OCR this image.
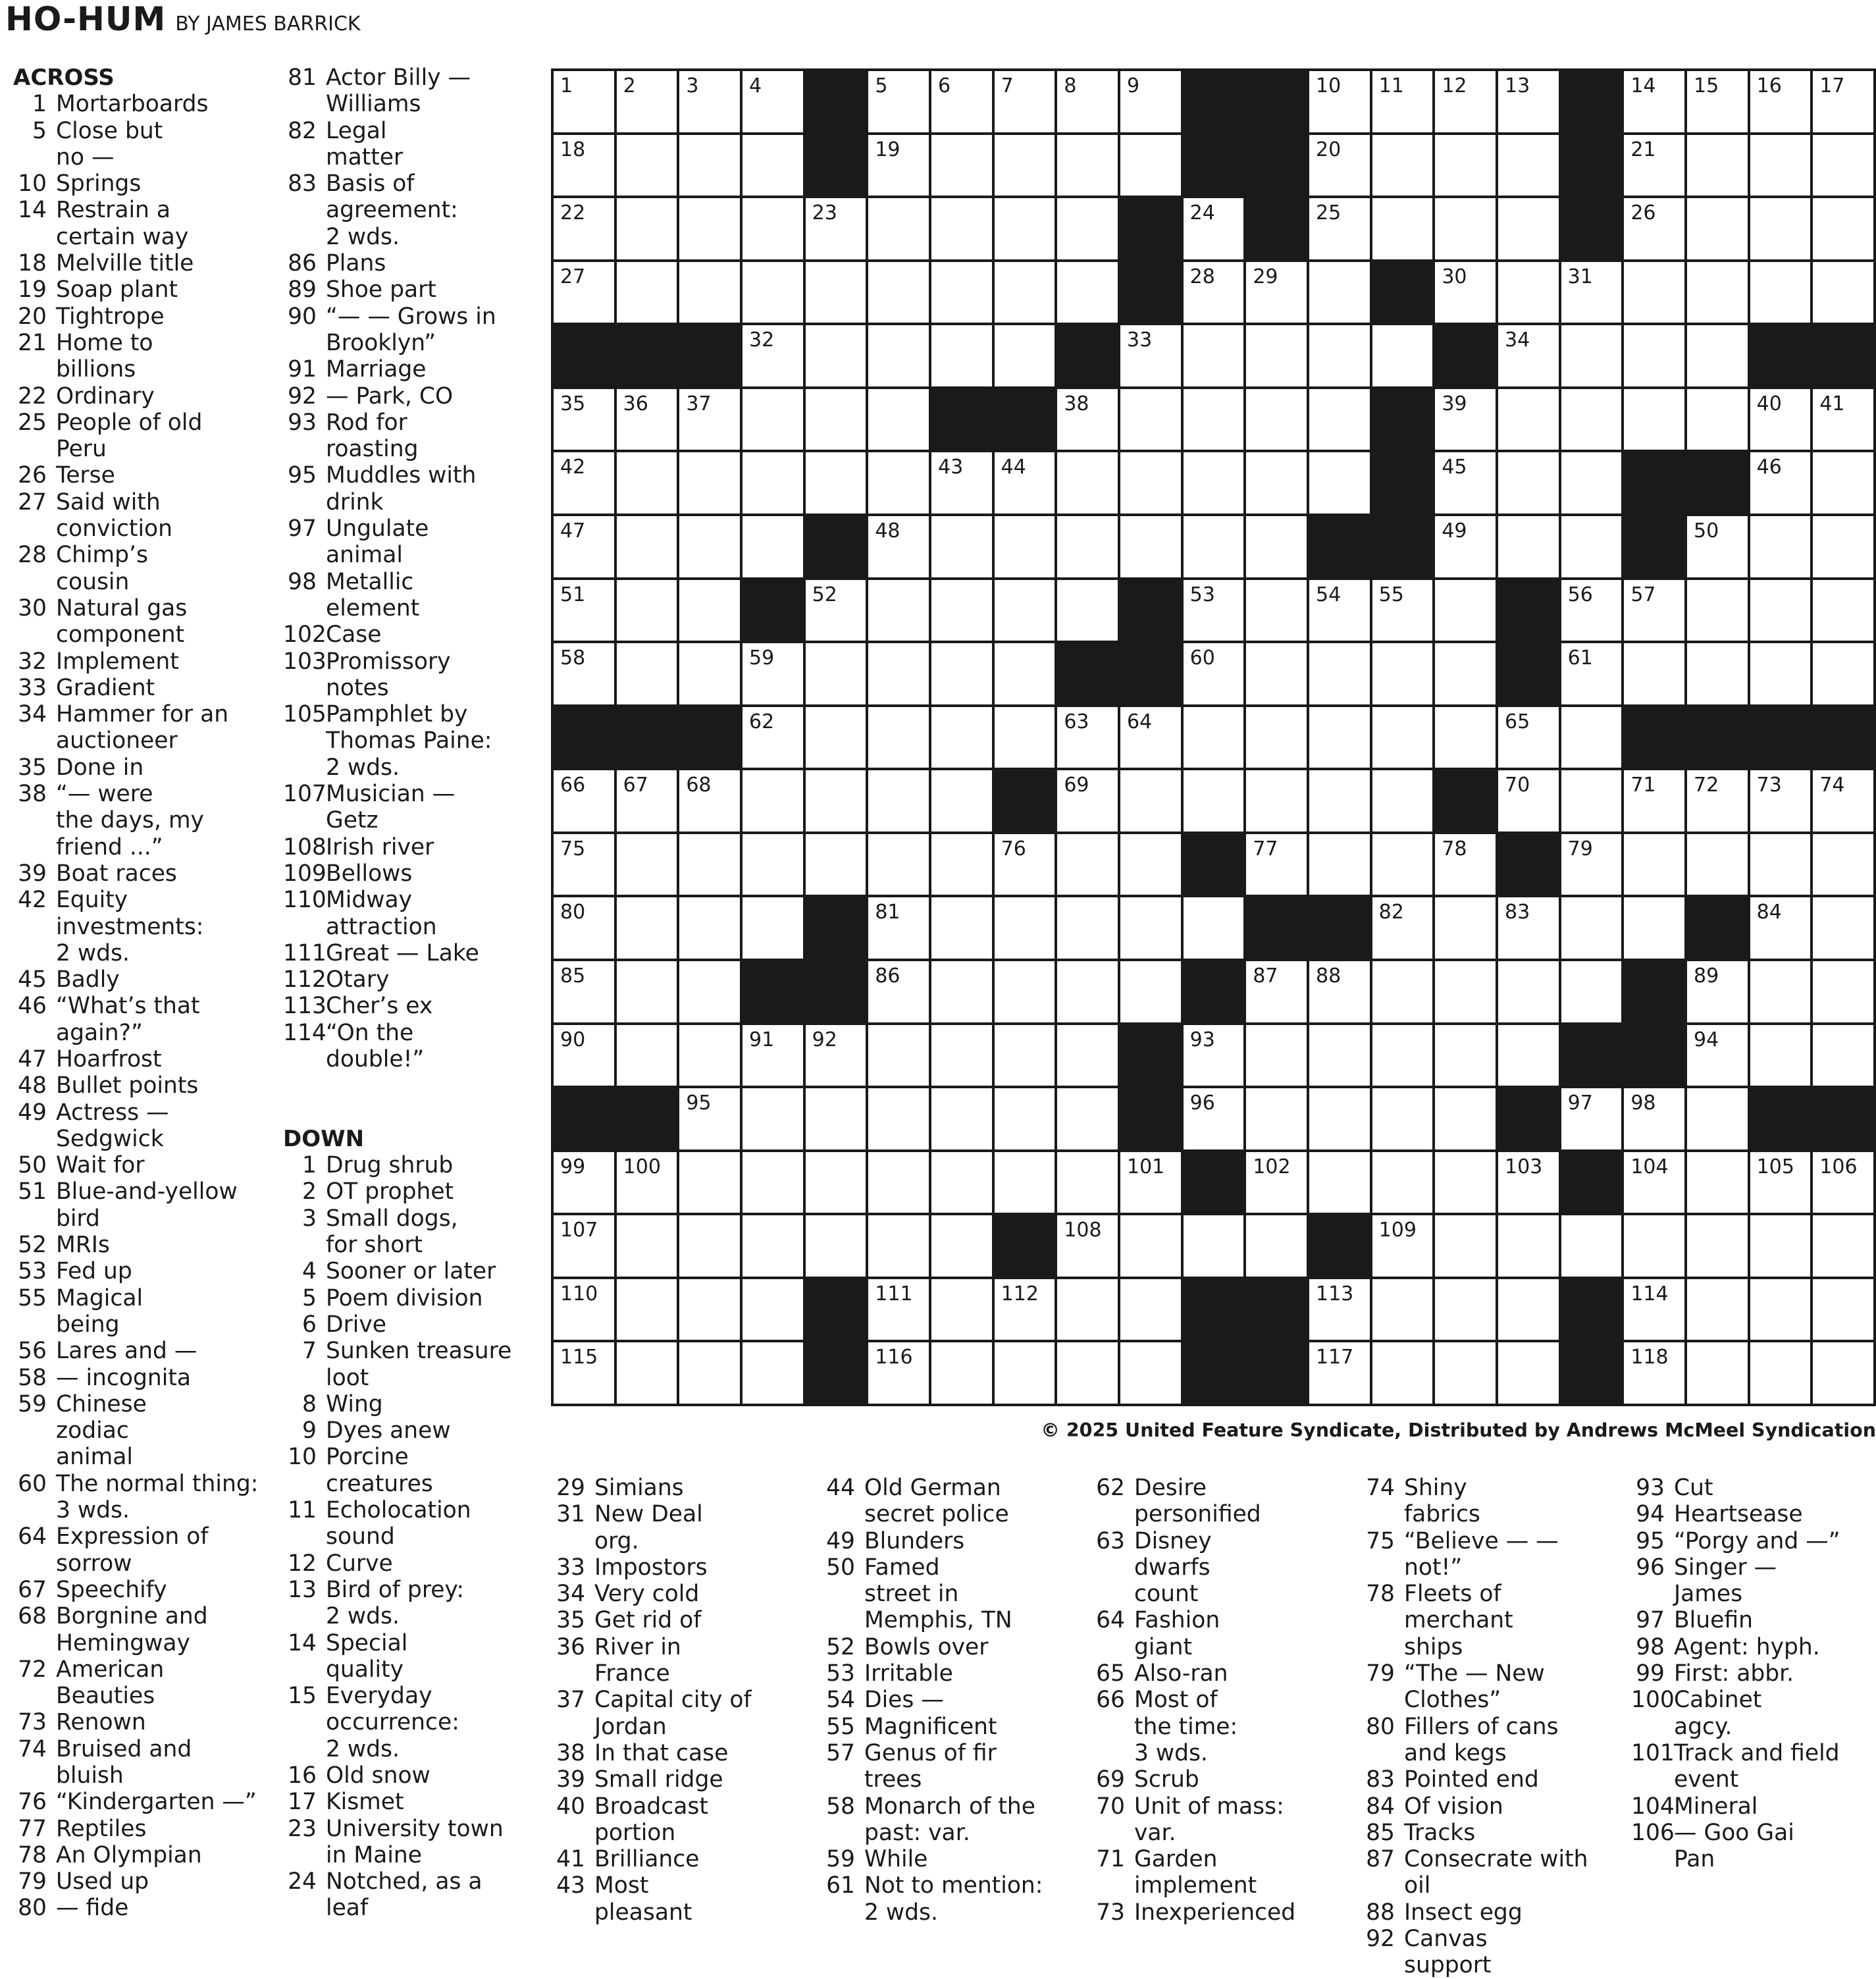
HO-HUM BY JAMES BARRICK
ACROSS
1 Mortarboards
5 Close but
no —
10 Springs
14 Restrain a
certain way
18 Melville title
19 Soap plant
20 Tightrope
21 Home to
billions
22 Ordinary
25 People of old
Peru
26 Terse
27 Said with
conviction
28 Chimp’s
cousin
30 Natural gas
component
32 Implement
33 Gradient
34 Hammer for an
auctioneer
35 Done in
38 “— were
the days, my
friend ...”
39 Boat races
42 Equity
investments:
2 wds.
45 Badly
46 “What’s that
again?”
47 Hoarfrost
48 Bullet points
49 Actress —
Sedgwick
50 Wait for
51 Blue-and-yellow
bird
52 MRIs
53 Fed up
55 Magical
being
56 Lares and —
58 — incognita
59 Chinese
zodiac
animal
60 The normal thing:
3 wds.
64 Expression of
sorrow
67 Speechify
68 Borgnine and
Hemingway
72 American
Beauties
73 Renown
74 Bruised and
bluish
76 “Kindergarten —”
77 Reptiles
78 An Olympian
79 Used up
80 — fide
81 Actor Billy —
Williams
82 Legal
matter
83 Basis of
agreement:
2 wds.
86 Plans
89 Shoe part
90 “— — Grows in
Brooklyn”
91 Marriage
92 — Park, CO
93 Rod for
roasting
95 Muddles with
drink
97 Ungulate
animal
98 Metallic
element
102 Case
103 Promissory
notes
105 Pamphlet by
Thomas Paine:
2 wds.
107 Musician —
Getz
108 Irish river
109 Bellows
110 Midway
attraction
111 Great — Lake
112 Otary
113 Cher’s ex
114 “On the
double!”
DOWN
1 Drug shrub
2 OT prophet
3 Small dogs,
for short
4 Sooner or later
5 Poem division
6 Drive
7 Sunken treasure
loot
8 Wing
9 Dyes anew
10 Porcine
creatures
11 Echolocation
sound
12 Curve
13 Bird of prey:
2 wds.
14 Special
quality
15 Everyday
occurrence:
2 wds.
16 Old snow
17 Kismet
23 University town
in Maine
24 Notched, as a
leaf
29 Simians
31 New Deal
org.
33 Impostors
34 Very cold
35 Get rid of
36 River in
France
37 Capital city of
Jordan
38 In that case
39 Small ridge
40 Broadcast
portion
41 Brilliance
43 Most
pleasant
44 Old German
secret police
49 Blunders
50 Famed
street in
Memphis, TN
52 Bowls over
53 Irritable
54 Dies —
55 Magnificent
57 Genus of fir
trees
58 Monarch of the
past: var.
59 While
61 Not to mention:
2 wds.
62 Desire
personified
63 Disney
dwarfs
count
64 Fashion
giant
65 Also-ran
66 Most of
the time:
3 wds.
69 Scrub
70 Unit of mass:
var.
71 Garden
implement
73 Inexperienced
74 Shiny
fabrics
75 “Believe — —
not!”
78 Fleets of
merchant
ships
79 “The — New
Clothes”
80 Fillers of cans
and kegs
83 Pointed end
84 Of vision
85 Tracks
87 Consecrate with
oil
88 Insect egg
92 Canvas
support
93 Cut
94 Heartsease
95 “Porgy and —”
96 Singer —
James
97 Bluefin
98 Agent: hyph.
99 First: abbr.
100 Cabinet
agcy.
101 Track and field
event
104 Mineral
106 — Goo Gai
Pan
1	2	3	4	5	6	7	8	9	10 11 12 13	14 15 16 17
18	19	20	21
22	23	24	25	26
27	28 29	30	31
32	33	34
35 36 37	38	39	40 41
42	43 44	45	46
47	48	49	50
51	52	53	54 55	56 57
58	59	60	61
62	63 64	65
66 67 68	69	70	71 72 73 74
75	76	77	78	79
80	81	82	83	84
85	86	87 88	89
90	91 92	93	94
95	96	97 98
99 100	101	102	103	104	105 106
107	108	109
110	111	112	113	114
115	116	117	118
© 2025 United Feature Syndicate, Distributed by Andrews McMeel Syndication
